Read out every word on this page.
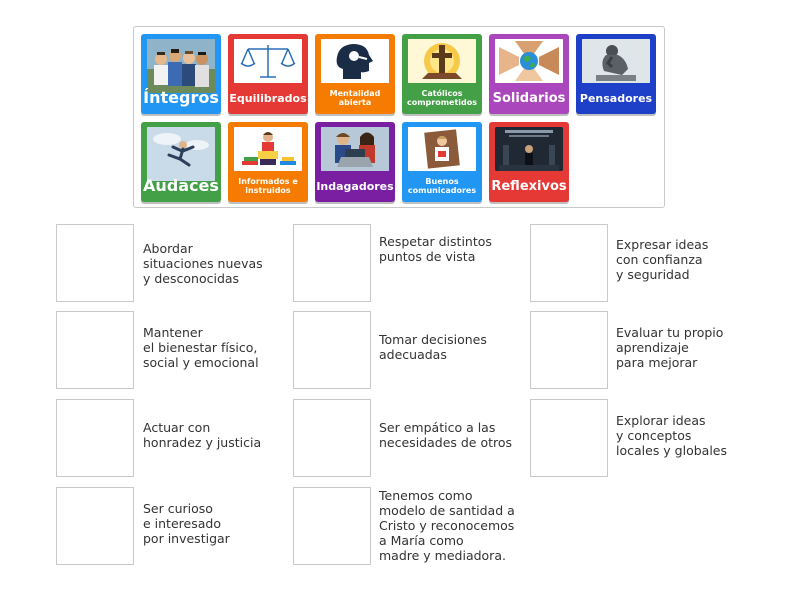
Íntegros Equilibrados	Mentalidad abierta
Católicos comprometidos	Solidarios	Pensadores
Audaces	Informados e instruidos	Indagadores	Buenos comunicadores	Reflexivos
Abordar
situaciones nuevas
y desconocidas
Respetar distintos
puntos de vista
Expresar ideas
con confianza
y seguridad
Mantener
el bienestar físico,
social y emocional
Tomar decisiones
adecuadas
Evaluar tu propio
aprendizaje
para mejorar
Actuar con
honradez y justicia
Ser empático a las
necesidades de otros
Explorar ideas
y conceptos
locales y globales
Ser curioso
e interesado
por investigar
Tenemos como
modelo de santidad a
Cristo y reconocemos
a María como
madre y mediadora.
